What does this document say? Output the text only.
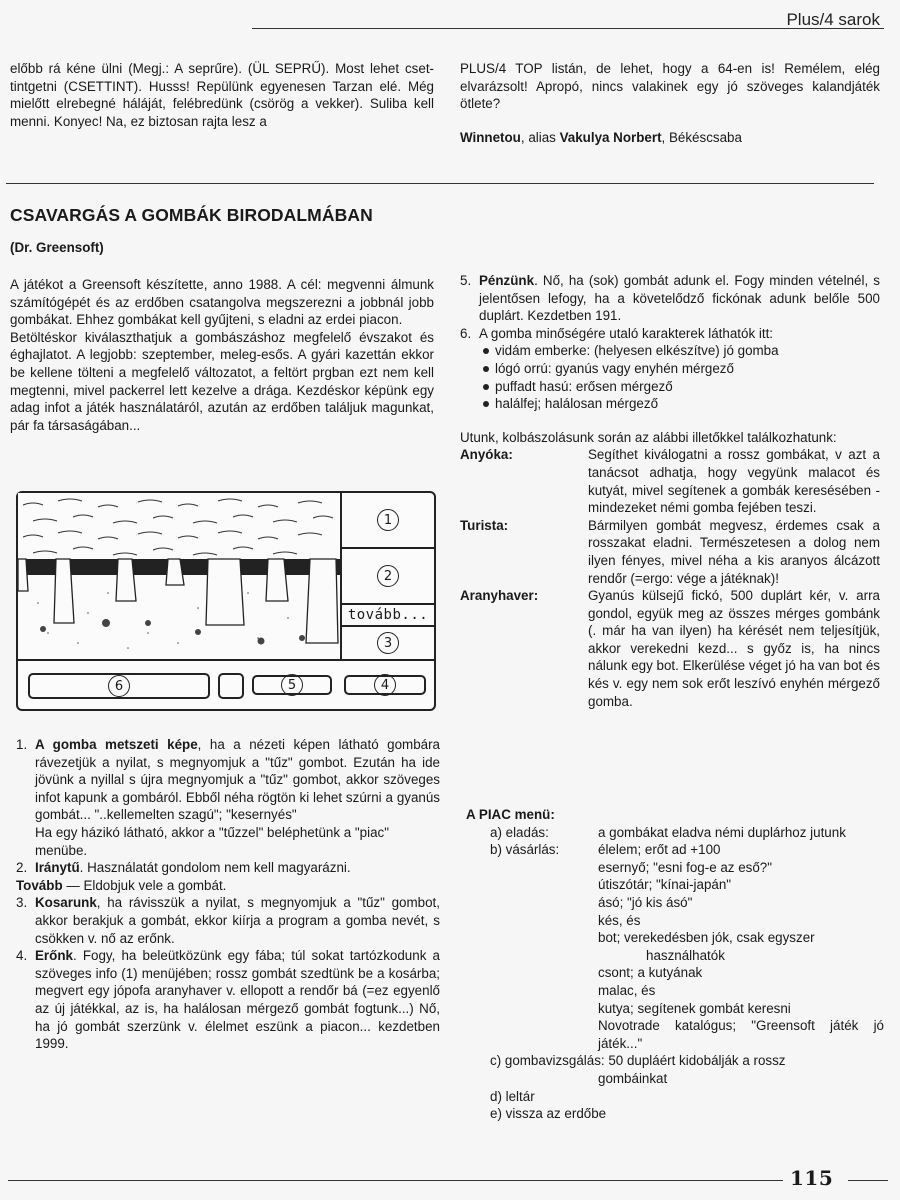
Plus/4 sarok

előbb rá kéne ülni (Megj.: A seprűre). (ÜL SEPRŰ). Most lehet cset-tintgetni (CSETTINT). Husss! Repülünk egyenesen Tarzan elé. Még mielőtt elrebegné háláját, felébredünk (csörög a vekker). Suliba kell menni. Konyec! Na, ez biztosan rajta lesz a

PLUS/4 TOP listán, de lehet, hogy a 64-en is! Remélem, elég elvarázsolt! Apropó, nincs valakinek egy jó szöveges kalandjáték ötlete?

Winnetou, alias Vakulya Norbert, Békéscsaba

CSAVARGÁS A GOMBÁK BIRODALMÁBAN
(Dr. Greensoft)

A játékot a Greensoft készítette, anno 1988. A cél: megvenni álmunk számítógépét és az erdőben csatangolva megszerezni a jobbnál jobb gombákat. Ehhez gombákat kell gyűjteni, s eladni az erdei piacon.

Betöltéskor kiválaszthatjuk a gombászáshoz megfelelő évszakot és éghajlatot. A legjobb: szeptember, meleg-esős. A gyári kazettán ekkor be kellene tölteni a megfelelő változatot, a feltört prgban ezt nem kell megtenni, mivel packerrel lett kezelve a drága. Kezdéskor képünk egy adag infot a játék használatáról, azután az erdőben találjuk magunkat, pár fa társaságában...

1
2
tovább...
3
6	5	4
1. A gomba metszeti képe, ha a nézeti képen látható gombára rávezetjük a nyilat, s megnyomjuk a "tűz" gombot. Ezután ha ide jövünk a nyillal s újra megnyomjuk a "tűz" gombot, akkor szöveges infot kapunk a gombáról. Ebből néha rögtön ki lehet szúrni a gyanús gombát... "..kellemelten szagú"; "kesernyés"
Ha egy házikó látható, akkor a "tűzzel" beléphetünk a "piac" menübe.
2. Iránytű. Használatát gondolom nem kell magyarázni.
Tovább — Eldobjuk vele a gombát.
3. Kosarunk, ha rávisszük a nyilat, s megnyomjuk a "tűz" gombot, akkor berakjuk a gombát, ekkor kiírja a program a gomba nevét, s csökken v. nő az erőnk.
4. Erőnk. Fogy, ha beleütközünk egy fába; túl sokat tartózkodunk a szöveges info (1) menüjében; rossz gombát szedtünk be a kosárba; megvert egy jópofa aranyhaver v. ellopott a rendőr bá (=ez egyenlő az új játékkal, az is, ha halálosan mérgező gombát fogtunk...) Nő, ha jó gombát szerzünk v. élelmet eszünk a piacon... kezdetben 1999.
5. Pénzünk. Nő, ha (sok) gombát adunk el. Fogy minden vételnél, s jelentősen lefogy, ha a követelődző fickónak adunk belőle 500 duplárt. Kezdetben 191.
6. A gomba minőségére utaló karakterek láthatók itt:
vidám emberke: (helyesen elkészítve) jó gomba
lógó orrú: gyanús vagy enyhén mérgező
puffadt hasú: erősen mérgező
halálfej; halálosan mérgező

Utunk, kolbászolásunk során az alábbi illetőkkel találkozhatunk:

Anyóka:	Segíthet kiválogatni a rossz gombákat, v azt a tanácsot adhatja, hogy vegyünk malacot és kutyát, mivel segítenek a gombák keresésében - mindezeket némi gomba fejében teszi.
Turista:	Bármilyen gombát megvesz, érdemes csak a rosszakat eladni. Természetesen a dolog nem ilyen fényes, mivel néha a kis aranyos álcázott rendőr (=ergo: vége a játéknak)!
Aranyhaver:	Gyanús külsejű fickó, 500 duplárt kér, v. arra gondol, együk meg az összes mérges gombánk (. már ha van ilyen) ha kérését nem teljesítjük, akkor verekedni kezd... s győz is, ha nincs nálunk egy bot. Elkerülése véget jó ha van bot és kés v. egy nem sok erőt leszívó enyhén mérgező gomba.
A PIAC menü:
a) eladás:	a gombákat eladva némi duplárhoz jutunk
b) vásárlás:	élelem; erőt ad +100
esernyő; "esni fog-e az eső?"
útiszótár; "kínai-japán"
ásó; "jó kis ásó"
kés, és
bot; verekedésben jók, csak egyszer
használhatók
csont; a kutyának
malac, és
kutya; segítenek gombát keresni
Novotrade katalógus; "Greensoft játék jó játék..."
c) gombavizsgálás: 50 dupláért kidobálják a rossz
gombáinkat
d) leltár
e) vissza az erdőbe
115
